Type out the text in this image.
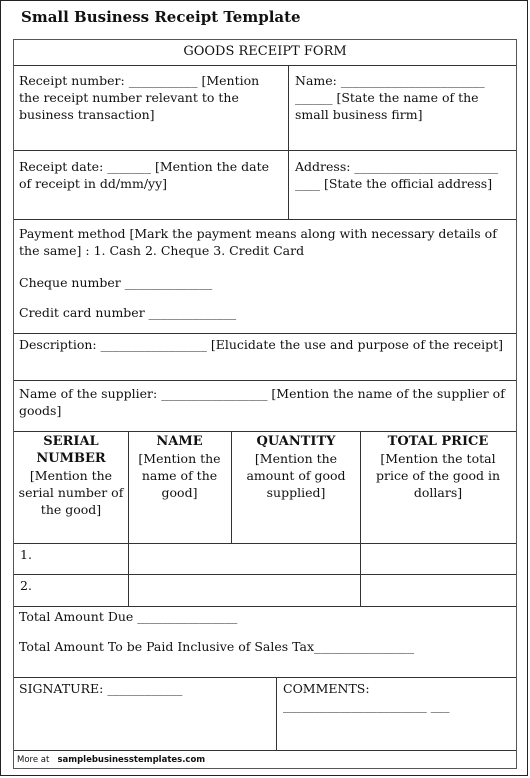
Small Business Receipt Template
GOODS RECEIPT FORM
Receipt number: ___________ [Mention the receipt number relevant to the business transaction]
Name: _______________________ ______ [State the name of the small business firm]
Receipt date: _______ [Mention the date of receipt in dd/mm/yy]
Address: _______________________ ____ [State the official address]
Payment method [Mark the payment means along with necessary details of the same] : 1. Cash 2. Cheque 3. Credit Card
Cheque number ______________
Credit card number ______________
Description: _________________ [Elucidate the use and purpose of the receipt]
Name of the supplier: _________________ [Mention the name of the supplier of goods]
SERIAL NUMBER
[Mention the serial number of the good]
NAME
[Mention the name of the good]
QUANTITY
[Mention the amount of good supplied]
TOTAL PRICE
[Mention the total price of the good in dollars]
1.
2.
Total Amount Due ________________
Total Amount To be Paid Inclusive of Sales Tax________________
SIGNATURE: ____________	COMMENTS: _______________________ ___
More at samplebusinesstemplates.com
